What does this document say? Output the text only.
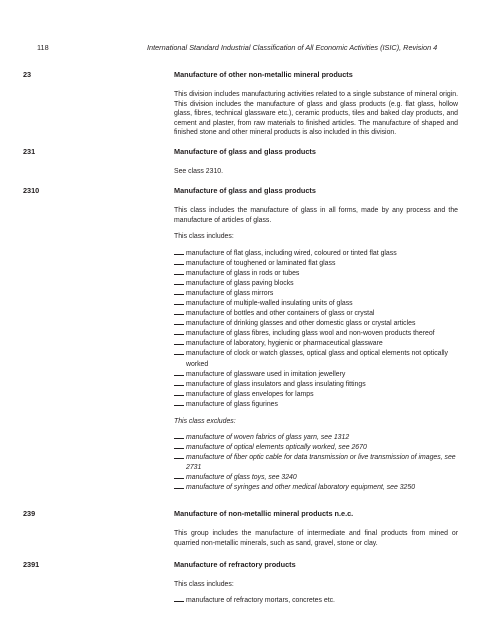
118	International Standard Industrial Classification of All Economic Activities (ISIC), Revision 4
23	Manufacture of other non-metallic mineral products
This division includes manufacturing activities related to a single substance of mineral origin. This division includes the manufacture of glass and glass products (e.g. flat glass, hollow glass, fibres, technical glassware etc.), ceramic products, tiles and baked clay products, and cement and plaster, from raw materials to finished articles. The manufacture of shaped and finished stone and other mineral products is also included in this division.
231	Manufacture of glass and glass products
See class 2310.
2310	Manufacture of glass and glass products
This class includes the manufacture of glass in all forms, made by any process and the manufacture of articles of glass.
This class includes:
manufacture of flat glass, including wired, coloured or tinted flat glass
manufacture of toughened or laminated flat glass
manufacture of glass in rods or tubes
manufacture of glass paving blocks
manufacture of glass mirrors
manufacture of multiple-walled insulating units of glass
manufacture of bottles and other containers of glass or crystal
manufacture of drinking glasses and other domestic glass or crystal articles
manufacture of glass fibres, including glass wool and non-woven products thereof
manufacture of laboratory, hygienic or pharmaceutical glassware
manufacture of clock or watch glasses, optical glass and optical elements not optically worked
manufacture of glassware used in imitation jewellery
manufacture of glass insulators and glass insulating fittings
manufacture of glass envelopes for lamps
manufacture of glass figurines
This class excludes:
manufacture of woven fabrics of glass yarn, see 1312
manufacture of optical elements optically worked, see 2670
manufacture of fiber optic cable for data transmission or live transmission of images, see 2731
manufacture of glass toys, see 3240
manufacture of syringes and other medical laboratory equipment, see 3250
239	Manufacture of non-metallic mineral products n.e.c.
This group includes the manufacture of intermediate and final products from mined or quarried non-metallic minerals, such as sand, gravel, stone or clay.
2391	Manufacture of refractory products
This class includes:
manufacture of refractory mortars, concretes etc.
